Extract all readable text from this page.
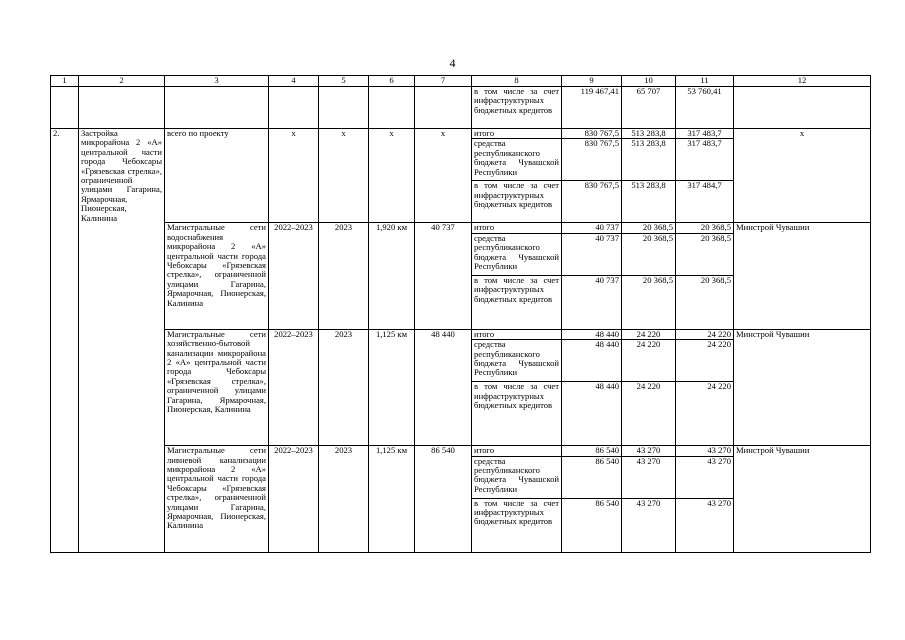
4
1	2	3	4	5	6	7	8	9	10	11	12
							в том числе за счет инфраструктурных бюджетных кредитов	119 467,41	65 707	53 760,41	
2.	Застройка микрорайона 2 «А» центральной части города Чебоксары «Грязевская стрелка», ограниченной улицами Гагарина, Ярмарочная, Пионерская, Калинина	всего по проекту	х	х	х	х	итого	830 767,5	513 283,8	317 483,7	х
							средства республиканского бюджета Чувашской Республики	830 767,5	513 283,8	317 483,7	
							в том числе за счет инфраструктурных бюджетных кредитов	830 767,5	513 283,8	317 484,7	
		Магистральные сети водоснабжения микрорайона 2 «А» центральной части города Чебоксары «Грязевская стрелка», ограниченной улицами Гагарина, Ярмарочная, Пионерская, Калинина	2022–2023	2023	1,920 км	40 737	итого	40 737	20 368,5	20 368,5	Минстрой Чувашии
							средства республиканского бюджета Чувашской Республики	40 737	20 368,5	20 368,5	
							в том числе за счет инфраструктурных бюджетных кредитов	40 737	20 368,5	20 368,5	
		Магистральные сети хозяйственно-бытовой канализации микрорайона 2 «А» центральной части города Чебоксары «Грязевская стрелка», ограниченной улицами Гагарина, Ярмарочная, Пионерская, Калинина	2022–2023	2023	1,125 км	48 440	итого	48 440	24 220	24 220	Минстрой Чувашии
							средства республиканского бюджета Чувашской Республики	48 440	24 220	24 220	
							в том числе за счет инфраструктурных бюджетных кредитов	48 440	24 220	24 220	
		Магистральные сети ливневой канализации микрорайона 2 «А» центральной части города Чебоксары «Грязевская стрелка», ограниченной улицами Гагарина, Ярмарочная, Пионерская, Калинина	2022–2023	2023	1,125 км	86 540	итого	86 540	43 270	43 270	Минстрой Чувашии
							средства республиканского бюджета Чувашской Республики	86 540	43 270	43 270	
							в том числе за счет инфраструктурных бюджетных кредитов	86 540	43 270	43 270	
